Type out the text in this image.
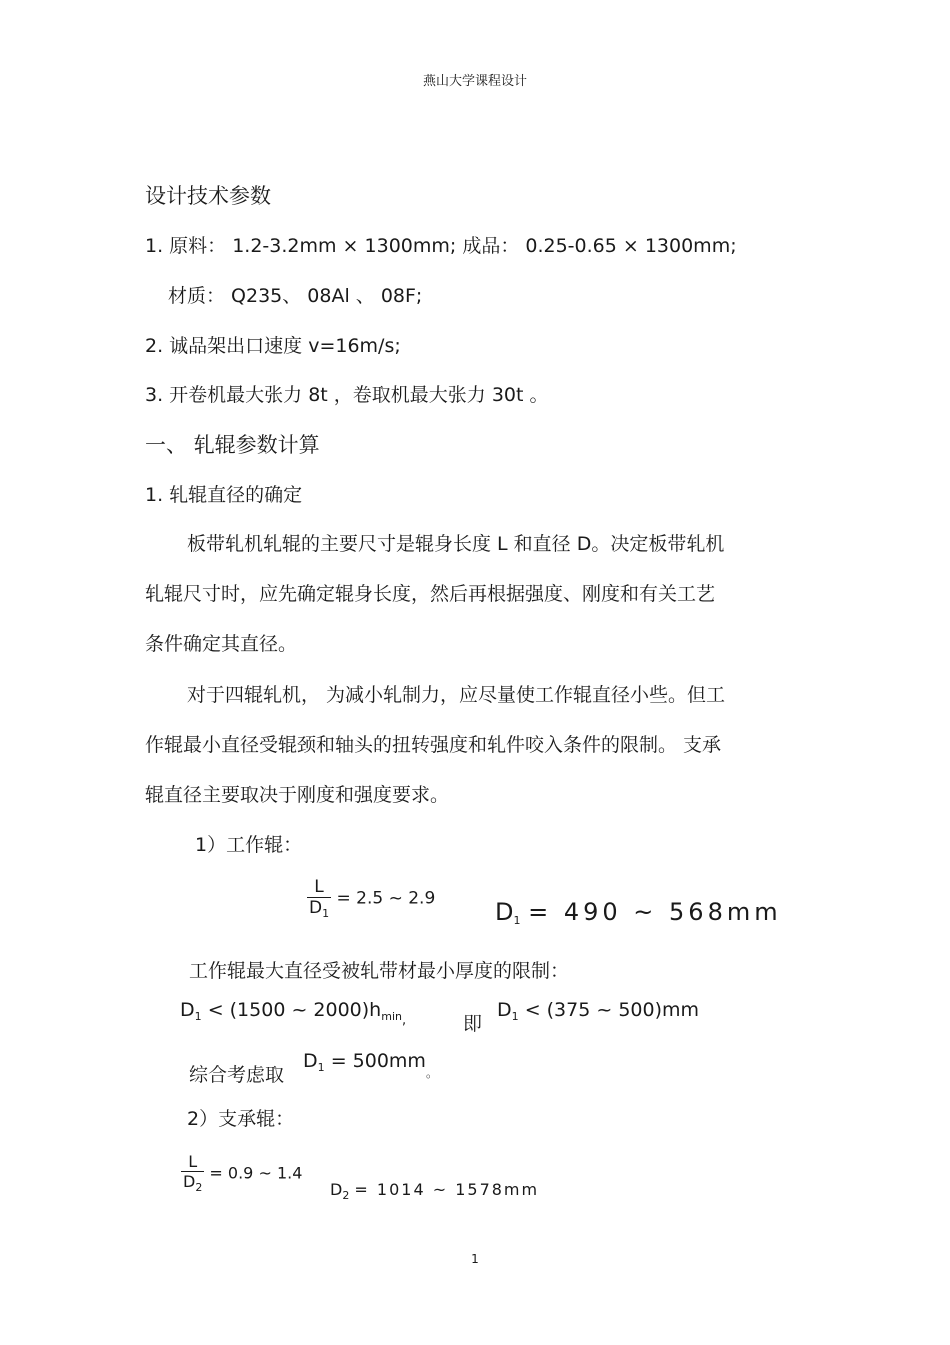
燕山大学课程设计
设计技术参数
1. 原料： 1.2-3.2mm × 1300mm; 成品： 0.25-0.65 × 1300mm;
材质： Q235、 08Al 、 08F;
2. 诚品架出口速度 v=16m/s;
3. 开卷机最大张力 8t ，卷取机最大张力 30t 。
一、 轧辊参数计算
1. 轧辊直径的确定
板带轧机轧辊的主要尺寸是辊身长度 L 和直径 D。决定板带轧机
轧辊尺寸时，应先确定辊身长度，然后再根据强度、刚度和有关工艺
条件确定其直径。
对于四辊轧机， 为减小轧制力，应尽量使工作辊直径小些。但工
作辊最小直径受辊颈和轴头的扭转强度和轧件咬入条件的限制。 支承
辊直径主要取决于刚度和强度要求。
1）工作辊：
$\frac{L}{D_1} = 2.5$ ~ 2.9 $D_1 = 490$ ~ 568mm
工作辊最大直径受被轧带材最小厚度的限制：
$D_1 < (1500$ ~ $2000)h_{min,}$	即
$D_1 < (375$ ~ 500)mm
综合考虑取
$D_1 = 500mm_。$
2）支承辊：
$\frac{L}{D_2} = 0.9$ ~ 1.4
$D_2 = 1014$ ~ 1578mm
1
